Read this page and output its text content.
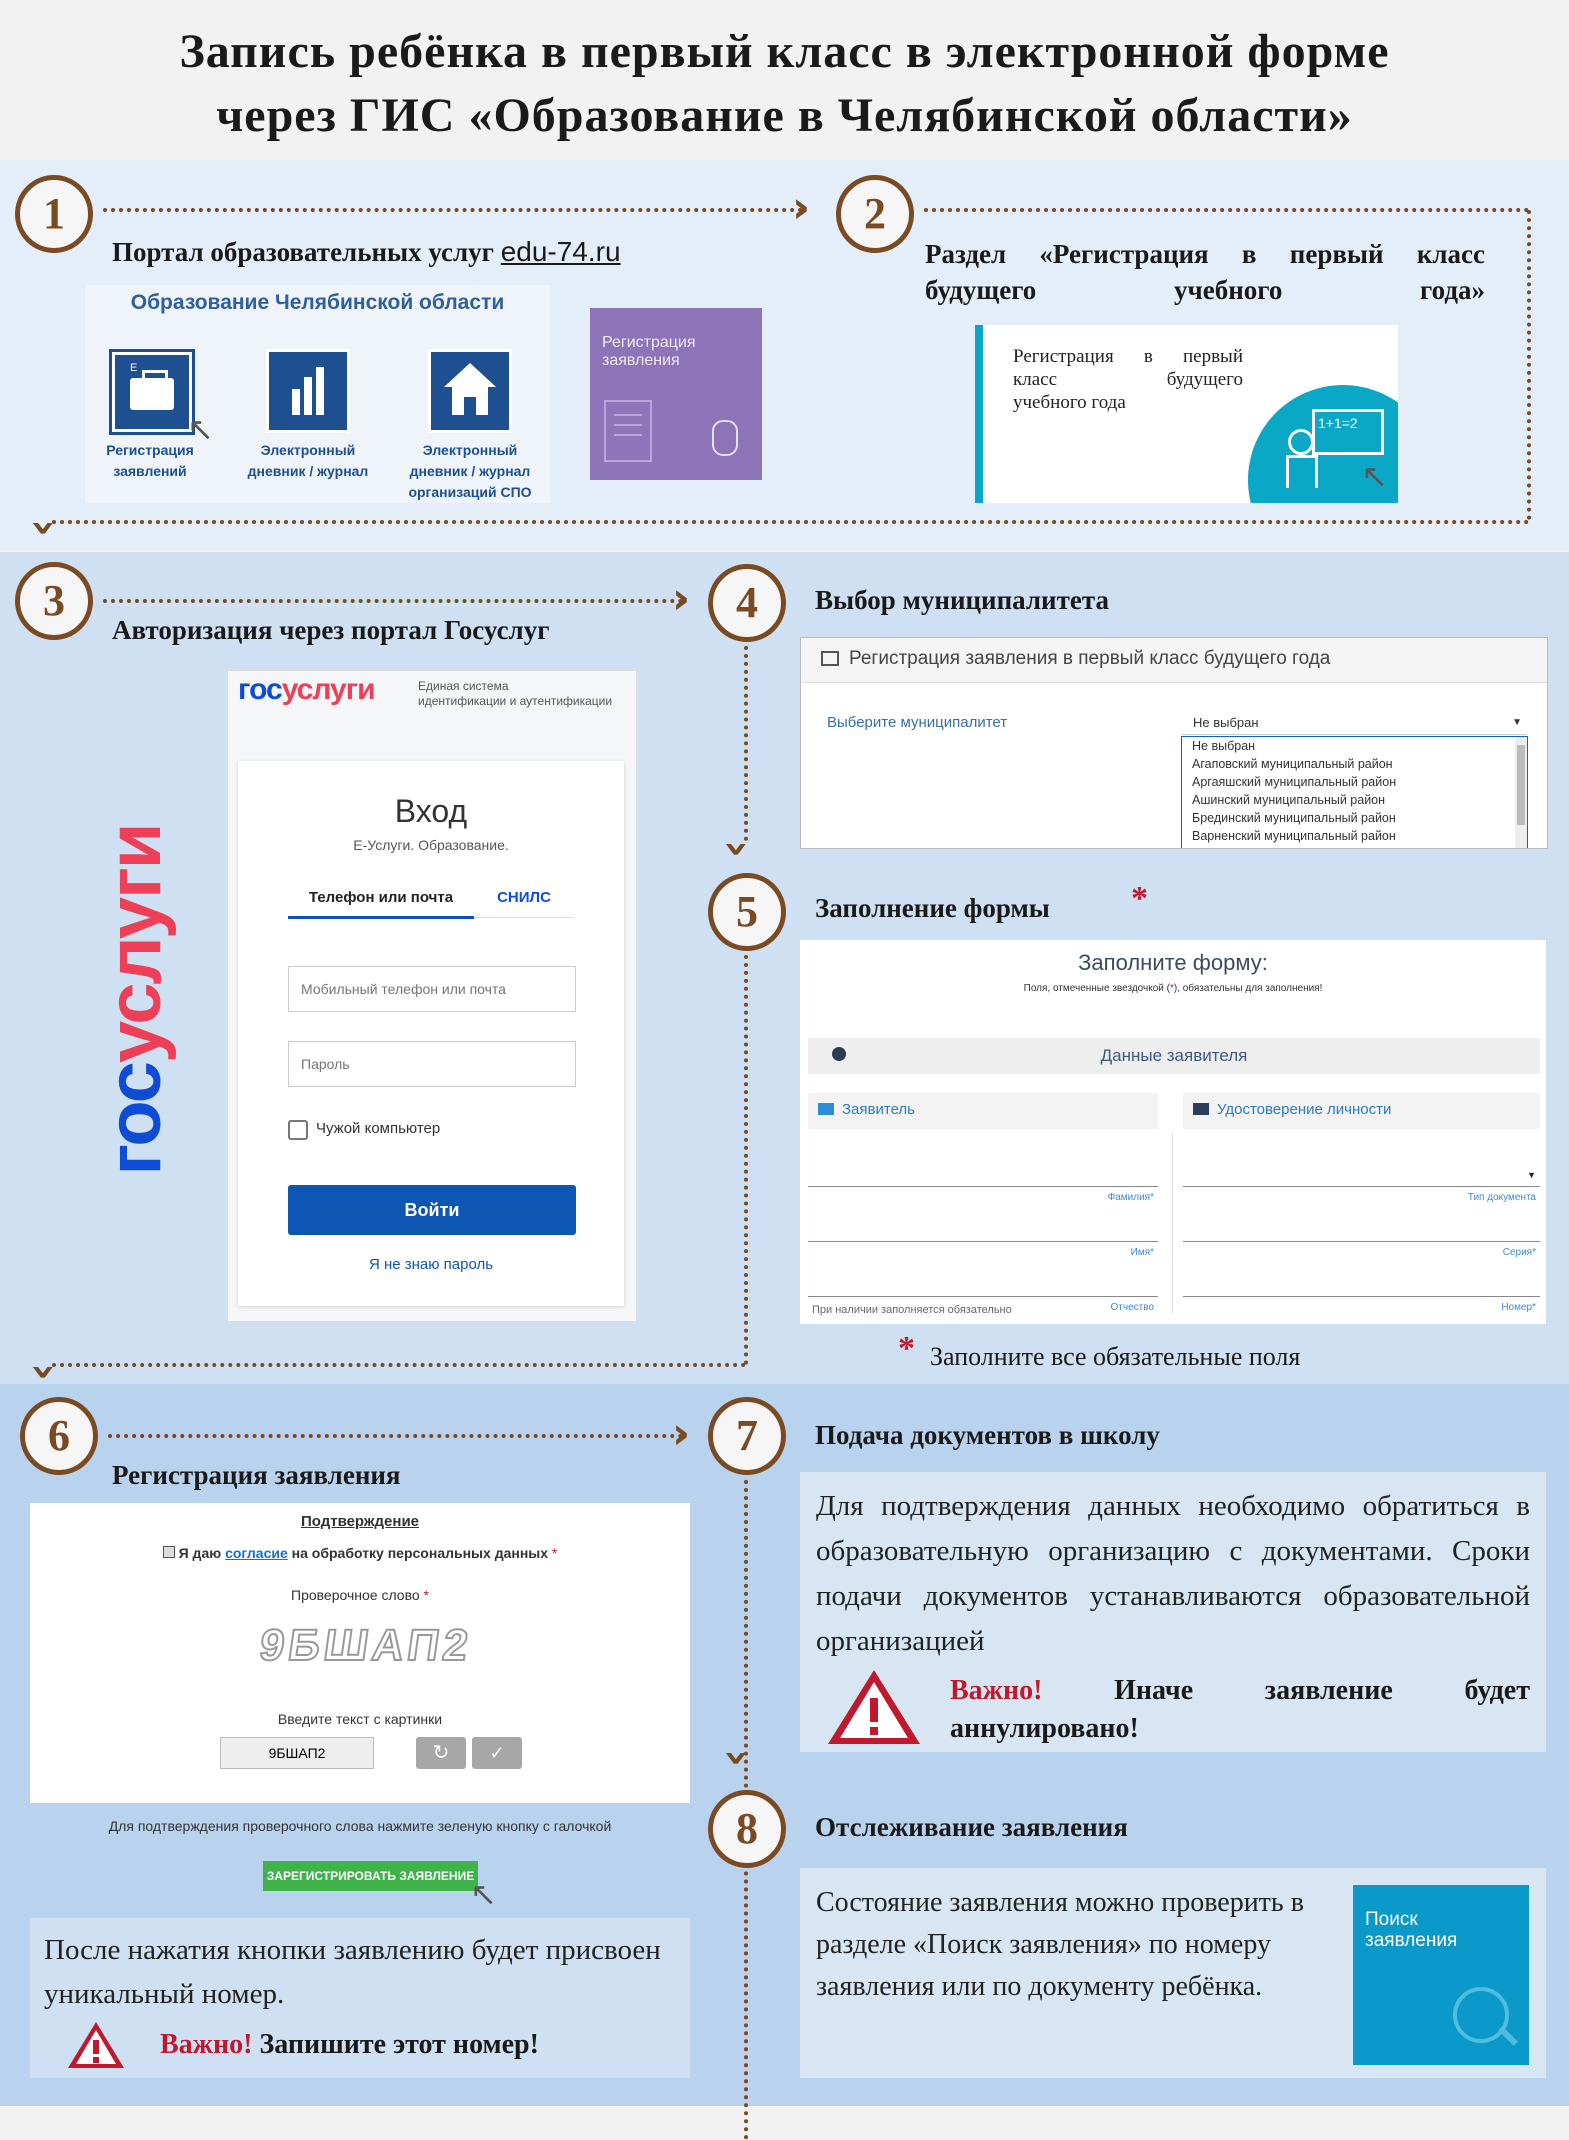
Запись ребёнка в первый класс в электронной форме
через ГИС «Образование в Челябинской области»
1	›
Портал образовательных услуг edu-74.ru
Образование Челябинской области
E
↖
Регистрация
заявлений
Электронный
дневник / журнал
Электронный
дневник / журнал
организаций СПО
Регистрация
заявления
2
Раздел «Регистрация в первый класс будущего учебного года»
Регистрация в первый
класс будущего
учебного года
1+1=2
↖
›
3	›
Авторизация через портал Госуслуг
госуслуги
госуслуги	Единая система
идентификации и аутентификации
Вход
Е-Услуги. Образование.
Телефон или почта	СНИЛС
Мобильный телефон или почта
Пароль
Чужой компьютер
Войти
Я не знаю пароль
4	Выбор муниципалитета
›
Регистрация заявления в первый класс будущего года
Выберите муниципалитет	Не выбран	▼
Не выбран
Агаповский муниципальный район
Аргаяшский муниципальный район
Ашинский муниципальный район
Брединский муниципальный район
Варненский муниципальный район
5	Заполнение формы *
Заполните форму:
Поля, отмеченные звездочкой (*), обязательны для заполнения!
Данные заявителя
Заявитель	Удостоверение личности
Фамилия*
Имя*
Отчество
При наличии заполняется обязательно
▼
Тип документа
Серия*
Номер*
* Заполните все обязательные поля
›
6	›
Регистрация заявления
Подтверждение
Я даю согласие на обработку персональных данных *
Проверочное слово *
9БШАП2
Введите текст с картинки
9БШАП2
↻	✓
Для подтверждения проверочного слова нажмите зеленую кнопку с галочкой
ЗАРЕГИСТРИРОВАТЬ ЗАЯВЛЕНИЕ
↖
После нажатия кнопки заявлению будет присвоен уникальный номер.
Важно! Запишите этот номер!
7	Подача документов в школу
›
Для подтверждения данных необходимо обратиться в образовательную организацию с документами. Сроки подачи документов устанавливаются образовательной организацией
Важно! Иначе заявление будет аннулировано!
8	Отслеживание заявления
Состояние заявления можно проверить в разделе «Поиск заявления» по номеру заявления или по документу ребёнка.
Поиск
заявления
